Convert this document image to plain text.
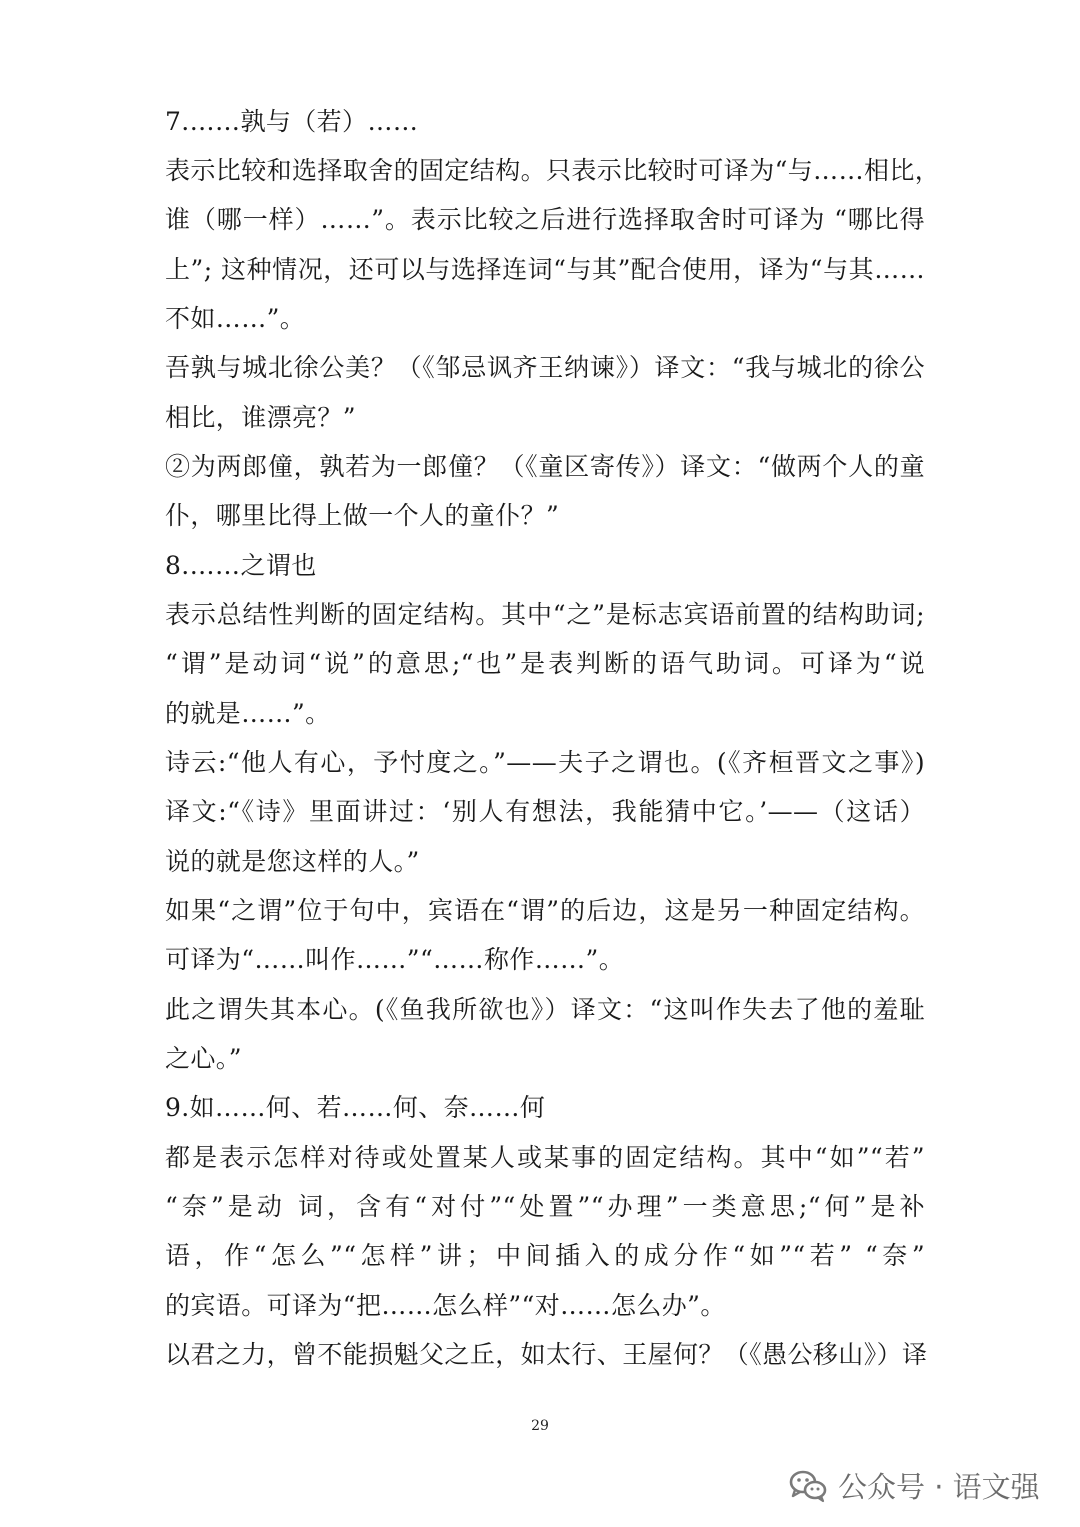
7.……孰与（若）……
表示比较和选择取舍的固定结构。只表示比较时可译为“与……相比，
谁（哪一样）……”。表示比较之后进行选择取舍时可译为 “哪比得
上”; 这种情况，还可以与选择连词“与其”配合使用，译为“与其……
不如……”。
吾孰与城北徐公美？（《邹忌讽齐王纳谏》）译文：“我与城北的徐公
相比，谁漂亮？”
②为两郎僮，孰若为一郎僮？（《童区寄传》）译文：“做两个人的童
仆，哪里比得上做一个人的童仆？”
8.……之谓也
表示总结性判断的固定结构。其中“之”是标志宾语前置的结构助词;
“谓”是动词“说”的意思;“也”是表判断的语气助词。可译为“说
的就是……”。
诗云:“他人有心，予忖度之。”——夫子之谓也。(《齐桓晋文之事》)
译文:“《诗》里面讲过：‘别人有想法，我能猜中它。’——（这话）
说的就是您这样的人。”
如果“之谓”位于句中，宾语在“谓”的后边，这是另一种固定结构。
可译为“……叫作……”“……称作……”。
此之谓失其本心。(《鱼我所欲也》）译文：“这叫作失去了他的羞耻
之心。”
9.如……何、若……何、奈……何
都是表示怎样对待或处置某人或某事的固定结构。其中“如”“若”
“奈”是动 词，含有“对付”“处置”“办理”一类意思;“何”是补
语，作“怎么”“怎样”讲；中间插入的成分作“如”“若” “奈”
的宾语。可译为“把……怎么样”“对……怎么办”。
以君之力，曾不能损魁父之丘，如太行、王屋何？（《愚公移山》）译
29
公众号 · 语文强
